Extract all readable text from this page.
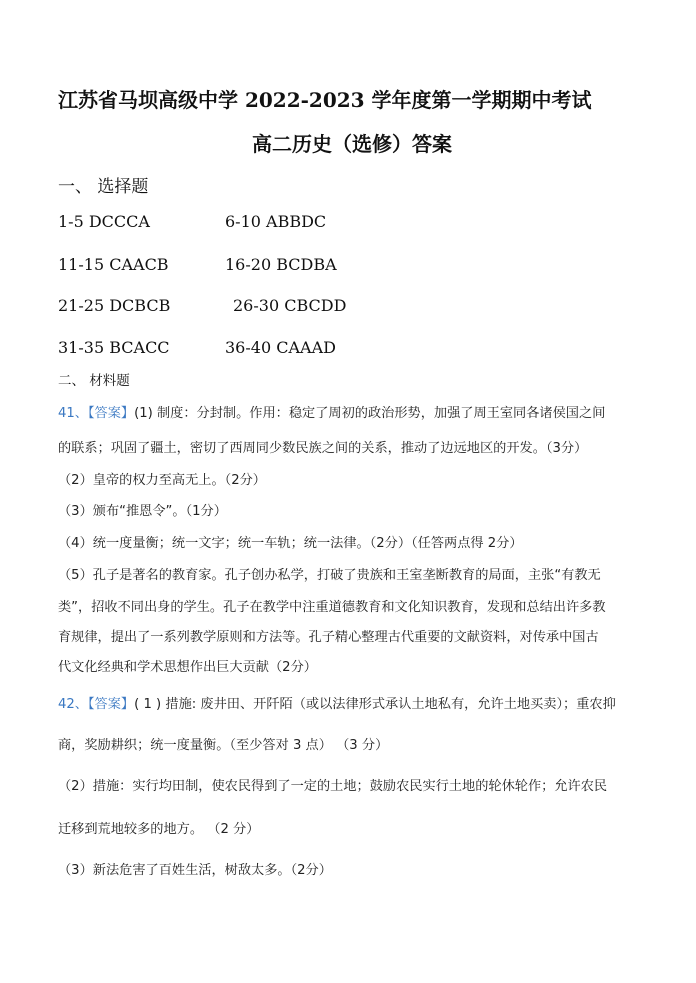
江苏省马坝高级中学 2022-2023 学年度第一学期期中考试
高二历史（选修）答案
一、 选择题
1-5 DCCCA	6-10 ABBDC
11-15 CAACB	16-20 BCDBA
21-25 DCBCB	26-30 CBCDD
31-35 BCACC	36-40 CAAAD
二、 材料题
41、【答案】(1) 制度：分封制。作用：稳定了周初的政治形势，加强了周王室同各诸侯国之间
的联系；巩固了疆土，密切了西周同少数民族之间的关系，推动了边远地区的开发。（3分）
（2）皇帝的权力至高无上。（2分）
（3）颁布“推恩令”。（1分）
（4）统一度量衡；统一文字；统一车轨；统一法律。（2分）（任答两点得 2分）
（5）孔子是著名的教育家。孔子创办私学，打破了贵族和王室垄断教育的局面，主张“有教无
类”，招收不同出身的学生。孔子在教学中注重道德教育和文化知识教育，发现和总结出许多教
育规律，提出了一系列教学原则和方法等。孔子精心整理古代重要的文献资料，对传承中国古
代文化经典和学术思想作出巨大贡献（2分）
42、【答案】( 1 ) 措施: 废井田、开阡陌（或以法律形式承认土地私有，允许土地买卖）；重农抑
商，奖励耕织；统一度量衡。（至少答对 3 点） （3 分）
（2）措施：实行均田制，使农民得到了一定的土地；鼓励农民实行土地的轮休轮作；允许农民
迁移到荒地较多的地方。 （2 分）
（3）新法危害了百姓生活，树敌太多。（2分）
